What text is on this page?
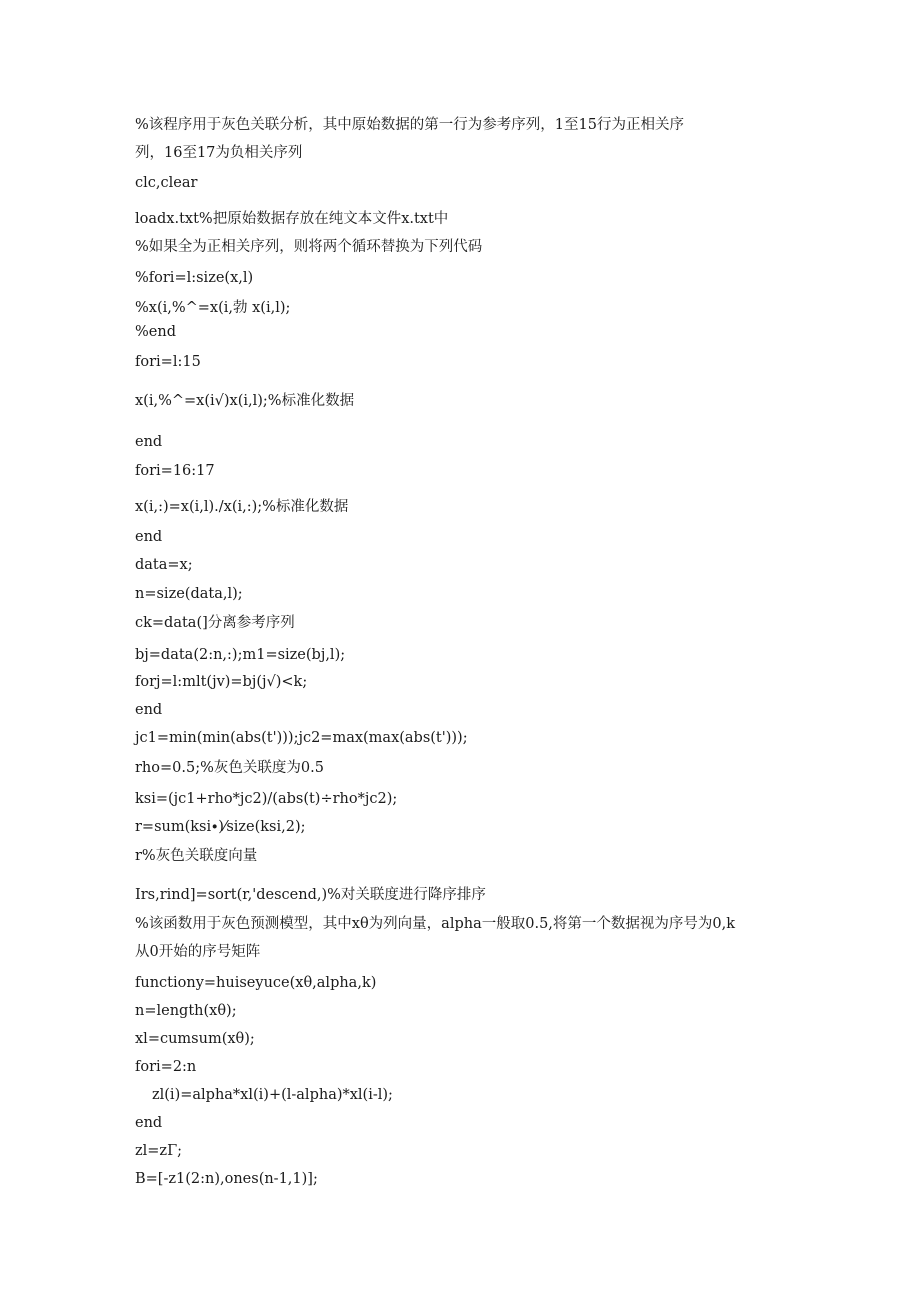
%该程序用于灰色关联分析，其中原始数据的第一行为参考序列，1至15行为正相关序
列，16至17为负相关序列
clc,clear
loadx.txt%把原始数据存放在纯文本文件x.txt中
%如果全为正相关序列，则将两个循环替换为下列代码
%fori=l:size(x,l)
%x(i,%^=x(i,勃 x(i,l);
%end
fori=l:15
x(i,%^=x(i√)x(i,l);%标准化数据
end
fori=16:17
x(i,:)=x(i,l)./x(i,:);%标准化数据
end
data=x;
n=size(data,l);
ck=data(]分离参考序列
bj=data(2:n,:);m1=size(bj,l);
forj=l:mlt(jv)=bj(j√)<k;
end
jc1=min(min(abs(t')));jc2=max(max(abs(t')));
rho=0.5;%灰色关联度为0.5
ksi=(jc1+rho*jc2)/(abs(t)÷rho*jc2);
r=sum(ksi∙)⁄size(ksi,2);
r%灰色关联度向量
Irs,rind]=sort(r,'descend,)%对关联度进行降序排序
%该函数用于灰色预测模型，其中xθ为列向量，alpha一般取0.5,将第一个数据视为序号为0,k
从0开始的序号矩阵
functiony=huiseyuce(xθ,alpha,k)
n=length(xθ);
xl=cumsum(xθ);
fori=2:n
zl(i)=alpha*xl(i)+(l-alpha)*xl(i-l);
end
zl=zΓ;
B=[-z1(2:n),ones(n-1,1)];
